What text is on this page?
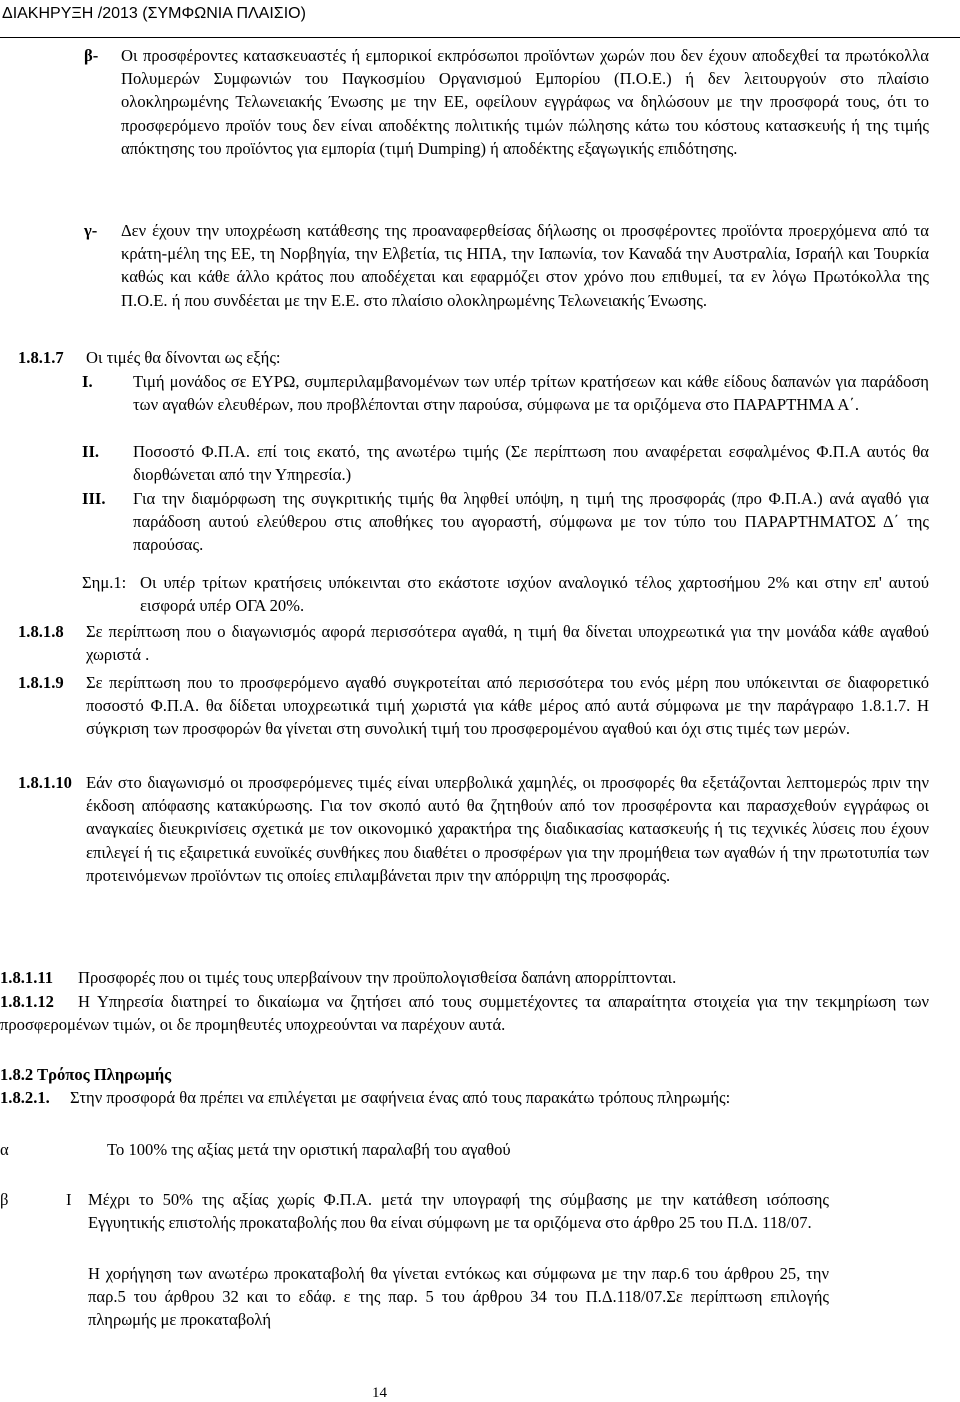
ΔΙΑΚΗΡΥΞΗ /2013 (ΣΥΜΦΩΝΙΑ ΠΛΑΙΣΙΟ)
β- Οι προσφέροντες κατασκευαστές ή εμπορικοί εκπρόσωποι προϊόντων χωρών που δεν έχουν αποδεχθεί τα πρωτόκολλα Πολυμερών Συμφωνιών του Παγκοσμίου Οργανισμού Εμπορίου (Π.Ο.Ε.) ή δεν λειτουργούν στο πλαίσιο ολοκληρωμένης Τελωνειακής Ένωσης με την ΕΕ, οφείλουν εγγράφως να δηλώσουν με την προσφορά τους, ότι το προσφερόμενο προϊόν τους δεν είναι αποδέκτης πολιτικής τιμών πώλησης κάτω του κόστους κατασκευής ή της τιμής απόκτησης του προϊόντος για εμπορία (τιμή Dumping) ή αποδέκτης εξαγωγικής επιδότησης.

γ- Δεν έχουν την υποχρέωση κατάθεσης της προαναφερθείσας δήλωσης οι προσφέροντες προϊόντα προερχόμενα από τα κράτη-μέλη της ΕΕ, τη Νορβηγία, την Ελβετία, τις ΗΠΑ, την Ιαπωνία, τον Καναδά την Αυστραλία, Ισραήλ και Τουρκία καθώς και κάθε άλλο κράτος που αποδέχεται και εφαρμόζει στον χρόνο που επιθυμεί, τα εν λόγω Πρωτόκολλα της Π.Ο.Ε. ή που συνδέεται με την Ε.Ε. στο πλαίσιο ολοκληρωμένης Τελωνειακής Ένωσης.

1.8.1.7 Οι τιμές θα δίνονται ως εξής:

Ι. Τιμή μονάδος σε ΕΥΡΩ, συμπεριλαμβανομένων των υπέρ τρίτων κρατήσεων και κάθε είδους δαπανών για παράδοση των αγαθών ελευθέρων, που προβλέπονται στην παρούσα, σύμφωνα με τα οριζόμενα στο ΠΑΡΑΡΤΗΜΑ Α΄.

ΙΙ. Ποσοστό Φ.Π.Α. επί τοις εκατό, της ανωτέρω τιμής (Σε περίπτωση που αναφέρεται εσφαλμένος Φ.Π.Α αυτός θα διορθώνεται από την Υπηρεσία.)

ΙΙΙ. Για την διαμόρφωση της συγκριτικής τιμής θα ληφθεί υπόψη, η τιμή της προσφοράς (προ Φ.Π.Α.) ανά αγαθό για παράδοση αυτού ελεύθερου στις αποθήκες του αγοραστή, σύμφωνα με τον τύπο του ΠΑΡΑΡΤΗΜΑΤΟΣ Δ΄ της παρούσας.

Σημ.1: Οι υπέρ τρίτων κρατήσεις υπόκεινται στο εκάστοτε ισχύον αναλογικό τέλος χαρτοσήμου 2% και στην επ' αυτού εισφορά υπέρ ΟΓΑ 20%.

1.8.1.8 Σε περίπτωση που ο διαγωνισμός αφορά περισσότερα αγαθά, η τιμή θα δίνεται υποχρεωτικά για την μονάδα κάθε αγαθού χωριστά .

1.8.1.9 Σε περίπτωση που το προσφερόμενο αγαθό συγκροτείται από περισσότερα του ενός μέρη που υπόκεινται σε διαφορετικό ποσοστό Φ.Π.Α. θα δίδεται υποχρεωτικά τιμή χωριστά για κάθε μέρος από αυτά σύμφωνα με την παράγραφο 1.8.1.7. Η σύγκριση των προσφορών θα γίνεται στη συνολική τιμή του προσφερομένου αγαθού και όχι στις τιμές των μερών.

1.8.1.10 Εάν στο διαγωνισμό οι προσφερόμενες τιμές είναι υπερβολικά χαμηλές, οι προσφορές θα εξετάζονται λεπτομερώς πριν την έκδοση απόφασης κατακύρωσης. Για τον σκοπό αυτό θα ζητηθούν από τον προσφέροντα και παρασχεθούν εγγράφως οι αναγκαίες διευκρινίσεις σχετικά με τον οικονομικό χαρακτήρα της διαδικασίας κατασκευής ή τις τεχνικές λύσεις που έχουν επιλεγεί ή τις εξαιρετικά ευνοϊκές συνθήκες που διαθέτει ο προσφέρων για την προμήθεια των αγαθών ή την πρωτοτυπία των προτεινόμενων προϊόντων τις οποίες επιλαμβάνεται πριν την απόρριψη της προσφοράς.

1.8.1.11 Προσφορές που οι τιμές τους υπερβαίνουν την προϋπολογισθείσα δαπάνη απορρίπτονται.

1.8.1.12	Η Υπηρεσία διατηρεί το δικαίωμα να ζητήσει από τους συμμετέχοντες τα απαραίτητα στοιχεία για την τεκμηρίωση των προσφερομένων τιμών, οι δε προμηθευτές υποχρεούνται να παρέχουν αυτά.

1.8.2 Τρόπος Πληρωμής
1.8.2.1. Στην προσφορά θα πρέπει να επιλέγεται με σαφήνεια ένας από τους παρακάτω τρόπους πληρωμής:

α	Το 100% της αξίας μετά την οριστική παραλαβή του αγαθού

β	Ι Μέχρι το 50% της αξίας χωρίς Φ.Π.Α. μετά την υπογραφή της σύμβασης με την κατάθεση ισόποσης Εγγυητικής επιστολής προκαταβολής που θα είναι σύμφωνη με τα οριζόμενα στο άρθρο 25 του Π.Δ. 118/07.

Η χορήγηση των ανωτέρω προκαταβολή θα γίνεται εντόκως και σύμφωνα με την παρ.6 του άρθρου 25, την παρ.5 του άρθρου 32 και το εδάφ. ε της παρ. 5 του άρθρου 34 του Π.Δ.118/07.Σε περίπτωση επιλογής πληρωμής με προκαταβολή

14
